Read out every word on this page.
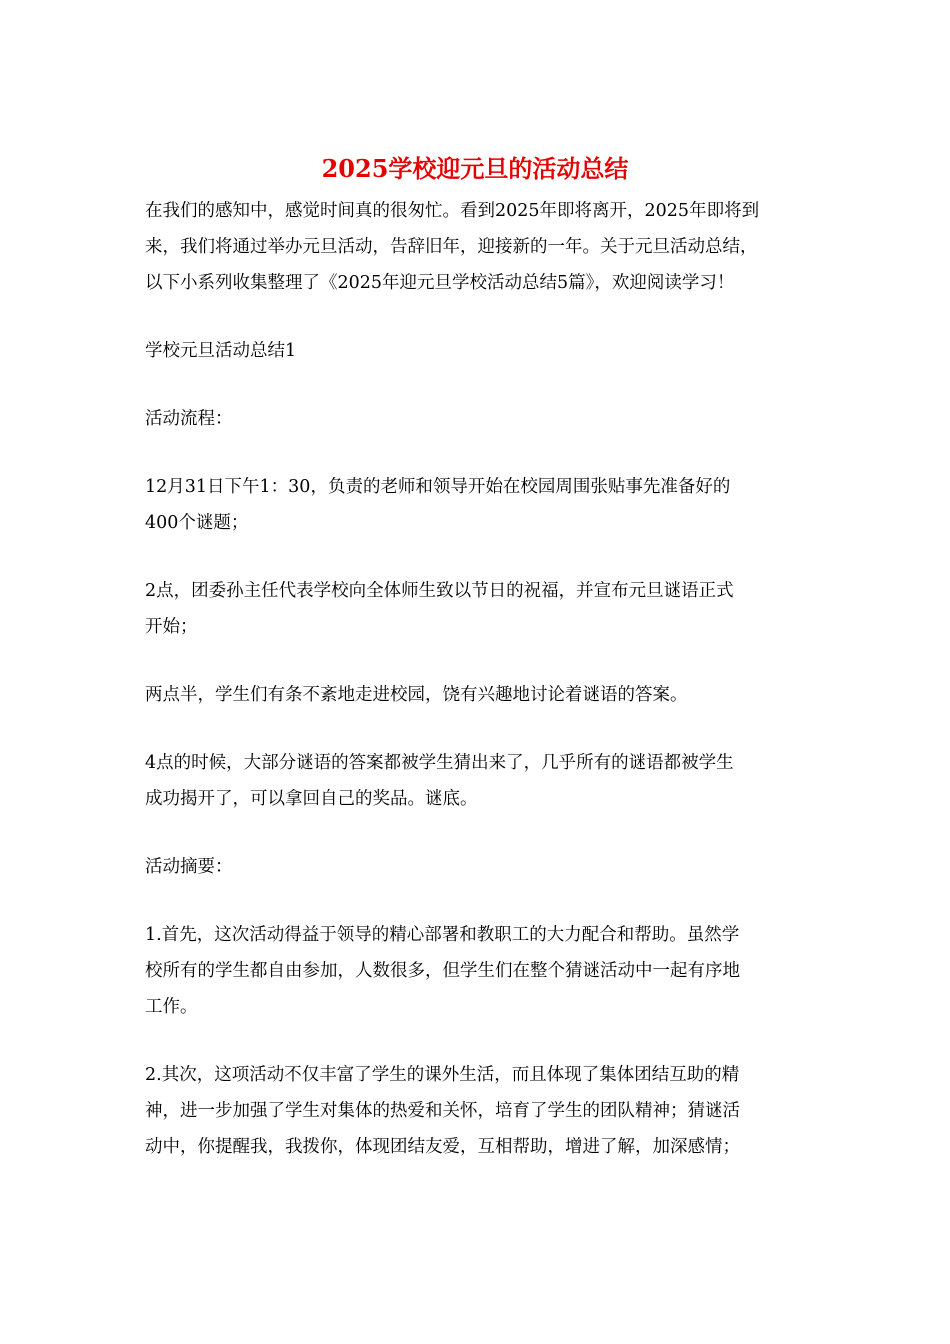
2025学校迎元旦的活动总结
在我们的感知中，感觉时间真的很匆忙。看到2025年即将离开，2025年即将到
来，我们将通过举办元旦活动，告辞旧年，迎接新的一年。关于元旦活动总结，
以下小系列收集整理了《2025年迎元旦学校活动总结5篇》，欢迎阅读学习！
学校元旦活动总结1
活动流程：
12月31日下午1：30，负责的老师和领导开始在校园周围张贴事先准备好的
400个谜题；
2点，团委孙主任代表学校向全体师生致以节日的祝福，并宣布元旦谜语正式
开始；
两点半，学生们有条不紊地走进校园，饶有兴趣地讨论着谜语的答案。
4点的时候，大部分谜语的答案都被学生猜出来了，几乎所有的谜语都被学生
成功揭开了，可以拿回自己的奖品。谜底。
活动摘要：
1.首先，这次活动得益于领导的精心部署和教职工的大力配合和帮助。虽然学
校所有的学生都自由参加，人数很多，但学生们在整个猜谜活动中一起有序地
工作。
2.其次，这项活动不仅丰富了学生的课外生活，而且体现了集体团结互助的精
神，进一步加强了学生对集体的热爱和关怀，培育了学生的团队精神；猜谜活
动中，你提醒我，我拨你，体现团结友爱，互相帮助，增进了解，加深感情；
